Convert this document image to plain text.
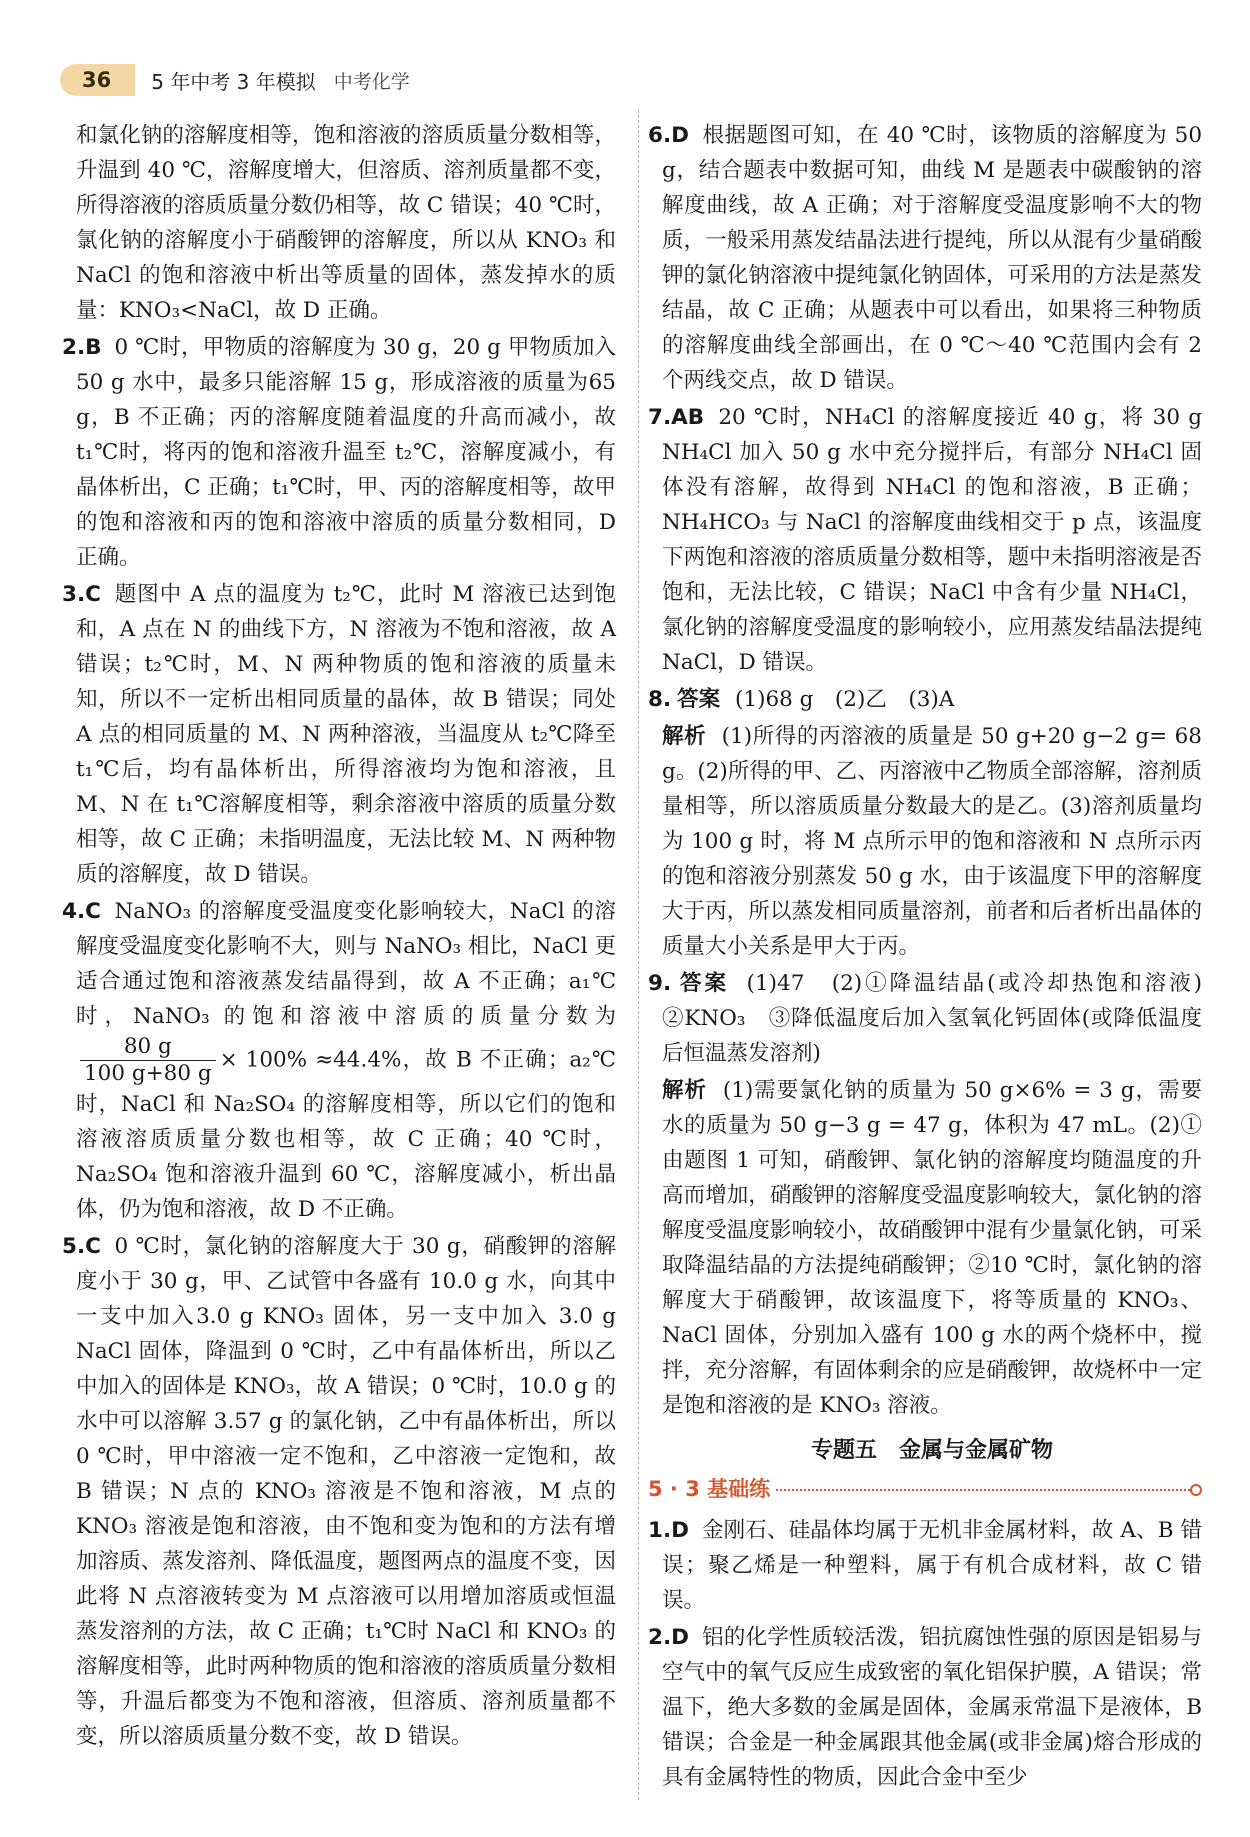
36	5 年中考 3 年模拟 中考化学

和氯化钠的溶解度相等，饱和溶液的溶质质量分数相等，升温到 40 ℃，溶解度增大，但溶质、溶剂质量都不变，所得溶液的溶质质量分数仍相等，故 C 错误；40 ℃时，氯化钠的溶解度小于硝酸钾的溶解度，所以从 KNO₃ 和 NaCl 的饱和溶液中析出等质量的固体，蒸发掉水的质量：KNO₃<NaCl，故 D 正确。

2.B 0 ℃时，甲物质的溶解度为 30 g，20 g 甲物质加入 50 g 水中，最多只能溶解 15 g，形成溶液的质量为65 g，B 不正确；丙的溶解度随着温度的升高而减小，故 t₁℃时，将丙的饱和溶液升温至 t₂℃，溶解度减小，有晶体析出，C 正确；t₁℃时，甲、丙的溶解度相等，故甲的饱和溶液和丙的饱和溶液中溶质的质量分数相同，D 正确。

3.C 题图中 A 点的温度为 t₂℃，此时 M 溶液已达到饱和，A 点在 N 的曲线下方，N 溶液为不饱和溶液，故 A 错误；t₂℃时，M、N 两种物质的饱和溶液的质量未知，所以不一定析出相同质量的晶体，故 B 错误；同处 A 点的相同质量的 M、N 两种溶液，当温度从 t₂℃降至 t₁℃后，均有晶体析出，所得溶液均为饱和溶液，且 M、N 在 t₁℃溶解度相等，剩余溶液中溶质的质量分数相等，故 C 正确；未指明温度，无法比较 M、N 两种物质的溶解度，故 D 错误。

4.C NaNO₃ 的溶解度受温度变化影响较大，NaCl 的溶解度受温度变化影响不大，则与 NaNO₃ 相比，NaCl 更适合通过饱和溶液蒸发结晶得到，故 A 不正确；a₁℃时，NaNO₃ 的饱和溶液中溶质的质量分数为
$\frac{80 g}{100 g+80 g} \times 100\% \approx 44.4\%$，故 B 不正确；a₂℃时，NaCl 和 Na₂SO₄ 的溶解度相等，所以它们的饱和溶液溶质质量分数也相等，故 C 正确；40 ℃时，Na₂SO₄ 饱和溶液升温到 60 ℃，溶解度减小，析出晶体，仍为饱和溶液，故 D 不正确。

5.C 0 ℃时，氯化钠的溶解度大于 30 g，硝酸钾的溶解度小于 30 g，甲、乙试管中各盛有 10.0 g 水，向其中一支中加入3.0 g KNO₃ 固体，另一支中加入 3.0 g NaCl 固体，降温到 0 ℃时，乙中有晶体析出，所以乙中加入的固体是 KNO₃，故 A 错误；0 ℃时，10.0 g 的水中可以溶解 3.57 g 的氯化钠，乙中有晶体析出，所以 0 ℃时，甲中溶液一定不饱和，乙中溶液一定饱和，故 B 错误；N 点的 KNO₃ 溶液是不饱和溶液，M 点的 KNO₃ 溶液是饱和溶液，由不饱和变为饱和的方法有增加溶质、蒸发溶剂、降低温度，题图两点的温度不变，因此将 N 点溶液转变为 M 点溶液可以用增加溶质或恒温蒸发溶剂的方法，故 C 正确；t₁℃时 NaCl 和 KNO₃ 的溶解度相等，此时两种物质的饱和溶液的溶质质量分数相等，升温后都变为不饱和溶液，但溶质、溶剂质量都不变，所以溶质质量分数不变，故 D 错误。

6.D 根据题图可知，在 40 ℃时，该物质的溶解度为 50 g，结合题表中数据可知，曲线 M 是题表中碳酸钠的溶解度曲线，故 A 正确；对于溶解度受温度影响不大的物质，一般采用蒸发结晶法进行提纯，所以从混有少量硝酸钾的氯化钠溶液中提纯氯化钠固体，可采用的方法是蒸发结晶，故 C 正确；从题表中可以看出，如果将三种物质的溶解度曲线全部画出，在 0 ℃～40 ℃范围内会有 2 个两线交点，故 D 错误。

7.AB 20 ℃时，NH₄Cl 的溶解度接近 40 g，将 30 g NH₄Cl 加入 50 g 水中充分搅拌后，有部分 NH₄Cl 固体没有溶解，故得到 NH₄Cl 的饱和溶液，B 正确；NH₄HCO₃ 与 NaCl 的溶解度曲线相交于 p 点，该温度下两饱和溶液的溶质质量分数相等，题中未指明溶液是否饱和，无法比较，C 错误；NaCl 中含有少量 NH₄Cl，氯化钠的溶解度受温度的影响较小，应用蒸发结晶法提纯 NaCl，D 错误。

8. 答案 (1)68 g　(2)乙　(3)A

解析 (1)所得的丙溶液的质量是 50 g+20 g−2 g= 68 g。(2)所得的甲、乙、丙溶液中乙物质全部溶解，溶剂质量相等，所以溶质质量分数最大的是乙。(3)溶剂质量均为 100 g 时，将 M 点所示甲的饱和溶液和 N 点所示丙的饱和溶液分别蒸发 50 g 水，由于该温度下甲的溶解度大于丙，所以蒸发相同质量溶剂，前者和后者析出晶体的质量大小关系是甲大于丙。

9. 答案 (1)47　(2)①降温结晶(或冷却热饱和溶液)　②KNO₃　③降低温度后加入氢氧化钙固体(或降低温度后恒温蒸发溶剂)

解析 (1)需要氯化钠的质量为 50 g×6% = 3 g，需要水的质量为 50 g−3 g = 47 g，体积为 47 mL。(2)①由题图 1 可知，硝酸钾、氯化钠的溶解度均随温度的升高而增加，硝酸钾的溶解度受温度影响较大，氯化钠的溶解度受温度影响较小，故硝酸钾中混有少量氯化钠，可采取降温结晶的方法提纯硝酸钾；②10 ℃时，氯化钠的溶解度大于硝酸钾，故该温度下，将等质量的 KNO₃、NaCl 固体，分别加入盛有 100 g 水的两个烧杯中，搅拌，充分溶解，有固体剩余的应是硝酸钾，故烧杯中一定是饱和溶液的是 KNO₃ 溶液。

专题五　金属与金属矿物
5 · 3 基础练

1.D 金刚石、硅晶体均属于无机非金属材料，故 A、B 错误；聚乙烯是一种塑料，属于有机合成材料，故 C 错误。

2.D 铝的化学性质较活泼，铝抗腐蚀性强的原因是铝易与空气中的氧气反应生成致密的氧化铝保护膜，A 错误；常温下，绝大多数的金属是固体，金属汞常温下是液体，B 错误；合金是一种金属跟其他金属(或非金属)熔合形成的具有金属特性的物质，因此合金中至少
